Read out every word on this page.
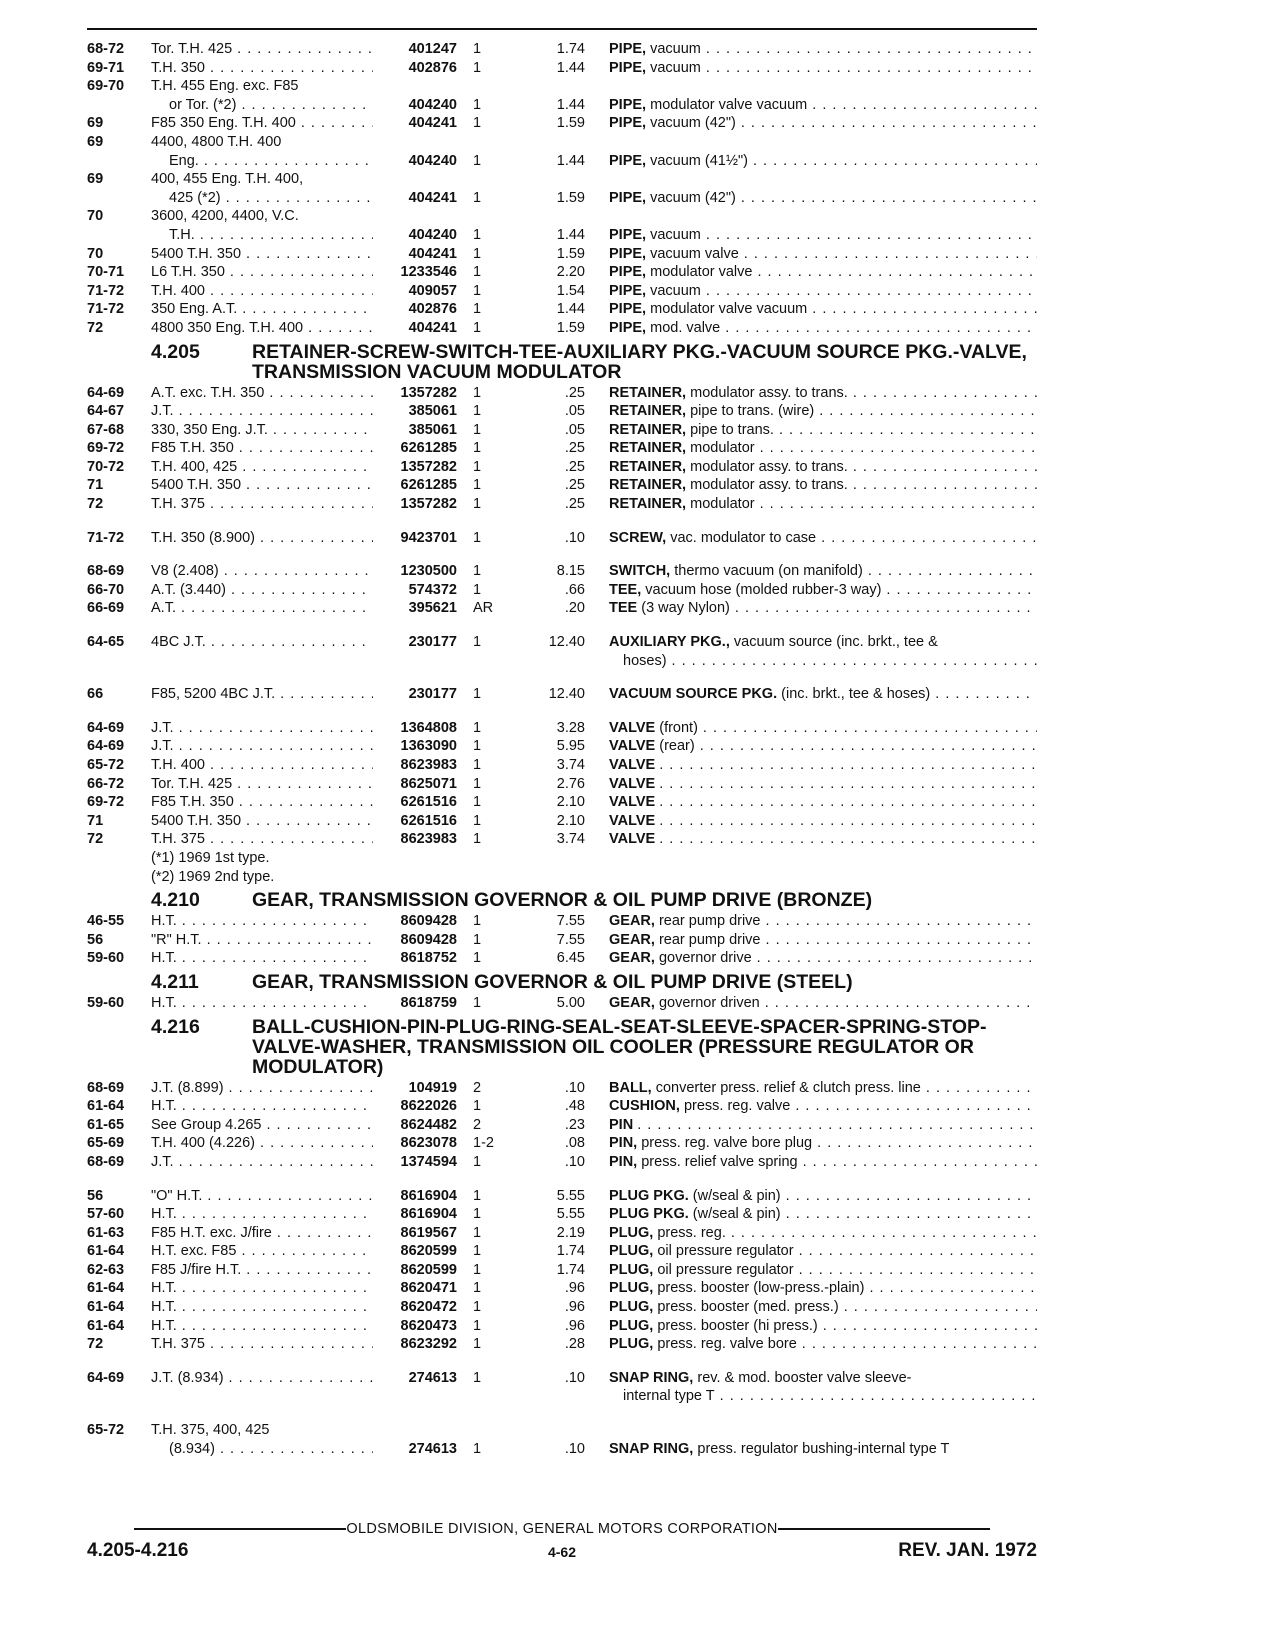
68-72	Tor. T.H. 425 . . .	401247 1	1.74 PIPE, vacuum . . .
69-71	T.H. 350 . . .	402876 1	1.44 PIPE, vacuum . . .
69-70	T.H. 455 Eng. exc. F85
or Tor. (*2) . . .	404240 1	1.44 PIPE, modulator valve vacuum . . .
69	F85 350 Eng. T.H. 400 . . .	404241 1	1.59 PIPE, vacuum (42") . . .
69	4400, 4800 T.H. 400
Eng. . . .	404240 1	1.44 PIPE, vacuum (41½") . . .
69	400, 455 Eng. T.H. 400,
425 (*2) . . .	404241 1	1.59 PIPE, vacuum (42") . . .
70	3600, 4200, 4400, V.C.
T.H. . . .	404240 1	1.44 PIPE, vacuum . . .
70	5400 T.H. 350 . . .	404241 1	1.59 PIPE, vacuum valve . . .
70-71	L6 T.H. 350 . . .	1233546 1	2.20 PIPE, modulator valve . . .
71-72	T.H. 400 . . .	409057 1	1.54 PIPE, vacuum . . .
71-72	350 Eng. A.T. . . .	402876 1	1.44 PIPE, modulator valve vacuum . . .
72	4800 350 Eng. T.H. 400 . . .	404241 1	1.59 PIPE, mod. valve . . .
4.205	RETAINER-SCREW-SWITCH-TEE-AUXILIARY PKG.-VACUUM SOURCE PKG.-VALVE, TRANSMISSION VACUUM MODULATOR
64-69	A.T. exc. T.H. 350 . . .	1357282 1	.25 RETAINER, modulator assy. to trans. . . .
64-67	J.T. . . .	385061 1	.05 RETAINER, pipe to trans. (wire) . . .
67-68	330, 350 Eng. J.T. . . .	385061 1	.05 RETAINER, pipe to trans. . . .
69-72	F85 T.H. 350 . . .	6261285 1	.25 RETAINER, modulator . . .
70-72	T.H. 400, 425 . . .	1357282 1	.25 RETAINER, modulator assy. to trans. . . .
71	5400 T.H. 350 . . .	6261285 1	.25 RETAINER, modulator assy. to trans. . . .
72	T.H. 375 . . .	1357282 1	.25 RETAINER, modulator . . .
71-72	T.H. 350 (8.900) . . .	9423701 1	.10 SCREW, vac. modulator to case . . .
68-69	V8 (2.408) . . .	1230500 1	8.15 SWITCH, thermo vacuum (on manifold) . . .
66-70	A.T. (3.440) . . .	574372 1	.66 TEE, vacuum hose (molded rubber-3 way) . . .
66-69	A.T. . . .	395621 AR	.20 TEE (3 way Nylon) . . .
64-65	4BC J.T. . . .	230177 1	12.40 AUXILIARY PKG., vacuum source (inc. brkt., tee &
hoses) . . .
66	F85, 5200 4BC J.T. . . .	230177 1	12.40 VACUUM SOURCE PKG. (inc. brkt., tee & hoses) . . .
64-69	J.T. . . .	1364808 1	3.28 VALVE (front) . . .
64-69	J.T. . . .	1363090 1	5.95 VALVE (rear) . . .
65-72	T.H. 400 . . .	8623983 1	3.74 VALVE . . .
66-72	Tor. T.H. 425 . . .	8625071 1	2.76 VALVE . . .
69-72	F85 T.H. 350 . . .	6261516 1	2.10 VALVE . . .
71	5400 T.H. 350 . . .	6261516 1	2.10 VALVE . . .
72	T.H. 375 . . .	8623983 1	3.74 VALVE . . .
(*1) 1969 1st type.
(*2) 1969 2nd type.
4.210	GEAR, TRANSMISSION GOVERNOR & OIL PUMP DRIVE (BRONZE)
46-55	H.T. . . .	8609428 1	7.55 GEAR, rear pump drive . . .
56	"R" H.T. . . .	8609428 1	7.55 GEAR, rear pump drive . . .
59-60	H.T. . . .	8618752 1	6.45 GEAR, governor drive . . .
4.211	GEAR, TRANSMISSION GOVERNOR & OIL PUMP DRIVE (STEEL)
59-60	H.T. . . .	8618759 1	5.00 GEAR, governor driven . . .
4.216	BALL-CUSHION-PIN-PLUG-RING-SEAL-SEAT-SLEEVE-SPACER-SPRING-STOP-VALVE-WASHER, TRANSMISSION OIL COOLER (PRESSURE REGULATOR OR MODULATOR)
68-69	J.T. (8.899) . . .	104919 2	.10 BALL, converter press. relief & clutch press. line . . .
61-64	H.T. . . .	8622026 1	.48 CUSHION, press. reg. valve . . .
61-65	See Group 4.265 . . .	8624482 2	.23 PIN . . .
65-69	T.H. 400 (4.226) . . .	8623078 1-2	.08 PIN, press. reg. valve bore plug . . .
68-69	J.T. . . .	1374594 1	.10 PIN, press. relief valve spring . . .
56	"O" H.T. . . .	8616904 1	5.55 PLUG PKG. (w/seal & pin) . . .
57-60	H.T. . . .	8616904 1	5.55 PLUG PKG. (w/seal & pin) . . .
61-63	F85 H.T. exc. J/fire . . .	8619567 1	2.19 PLUG, press. reg. . . .
61-64	H.T. exc. F85 . . .	8620599 1	1.74 PLUG, oil pressure regulator . . .
62-63	F85 J/fire H.T. . . .	8620599 1	1.74 PLUG, oil pressure regulator . . .
61-64	H.T. . . .	8620471 1	.96 PLUG, press. booster (low-press.-plain) . . .
61-64	H.T. . . .	8620472 1	.96 PLUG, press. booster (med. press.) . . .
61-64	H.T. . . .	8620473 1	.96 PLUG, press. booster (hi press.) . . .
72	T.H. 375 . . .	8623292 1	.28 PLUG, press. reg. valve bore . . .
64-69	J.T. (8.934) . . .	274613 1	.10 SNAP RING, rev. & mod. booster valve sleeve-
internal type T . . .
65-72	T.H. 375, 400, 425
(8.934) . . .	274613 1	.10 SNAP RING, press. regulator bushing-internal type T
OLDSMOBILE DIVISION, GENERAL MOTORS CORPORATION
4.205-4.216	4-62	REV. JAN. 1972
